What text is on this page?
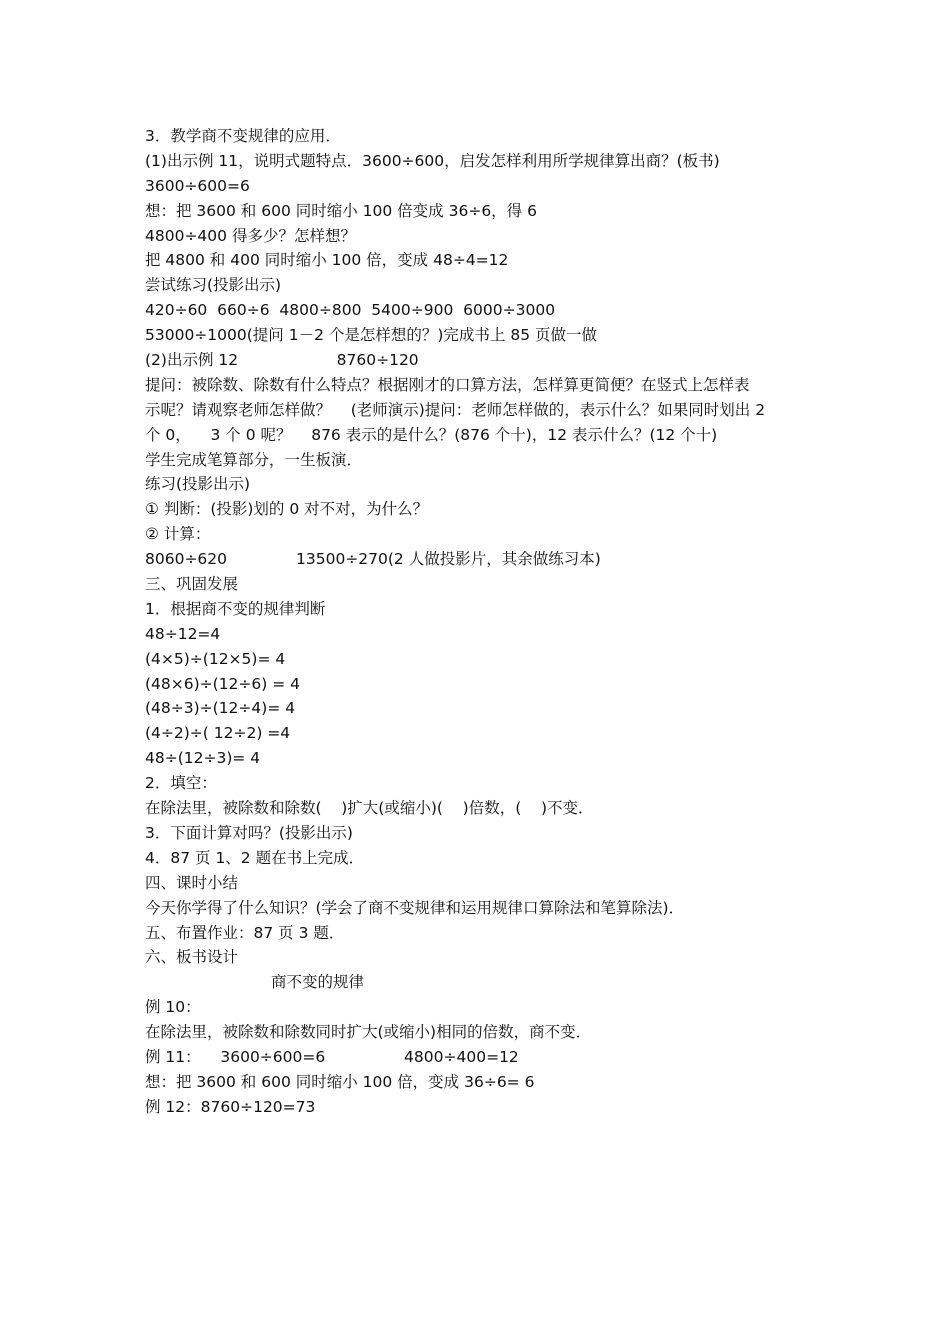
3．教学商不变规律的应用．
(1)出示例 11，说明式题特点．3600÷600，启发怎样利用所学规律算出商？(板书)
3600÷600=6
想：把 3600 和 600 同时缩小 100 倍变成 36÷6，得 6
4800÷400 得多少？怎样想？
把 4800 和 400 同时缩小 100 倍，变成 48÷4=12
尝试练习(投影出示)
420÷60  660÷6  4800÷800  5400÷900  6000÷3000
53000÷1000(提问 1－2 个是怎样想的？)完成书上 85 页做一做
(2)出示例 12                    8760÷120
提问：被除数、除数有什么特点？根据刚才的口算方法，怎样算更简便？在竖式上怎样表
示呢？请观察老师怎样做？    (老师演示)提问：老师怎样做的，表示什么？如果同时划出 2
个 0，    3 个 0 呢？    876 表示的是什么？(876 个十)，12 表示什么？(12 个十)
学生完成笔算部分，一生板演．
练习(投影出示)
① 判断：(投影)划的 0 对不对，为什么？
② 计算：
8060÷620              13500÷270(2 人做投影片，其余做练习本)
三、巩固发展
1．根据商不变的规律判断
48÷12=4
(4×5)÷(12×5)= 4
(48×6)÷(12÷6) = 4
(48÷3)÷(12÷4)= 4
(4÷2)÷( 12÷2) =4
48÷(12÷3)= 4
2．填空：
在除法里，被除数和除数(    )扩大(或缩小)(    )倍数，(    )不变．
3．下面计算对吗？(投影出示)
4．87 页 1、2 题在书上完成．
四、课时小结
今天你学得了什么知识？(学会了商不变规律和运用规律口算除法和笔算除法)．
五、布置作业：87 页 3 题．
六、板书设计
商不变的规律
例 10：
在除法里，被除数和除数同时扩大(或缩小)相同的倍数，商不变．
例 11：    3600÷600=6                4800÷400=12
想：把 3600 和 600 同时缩小 100 倍，变成 36÷6= 6
例 12：8760÷120=73
